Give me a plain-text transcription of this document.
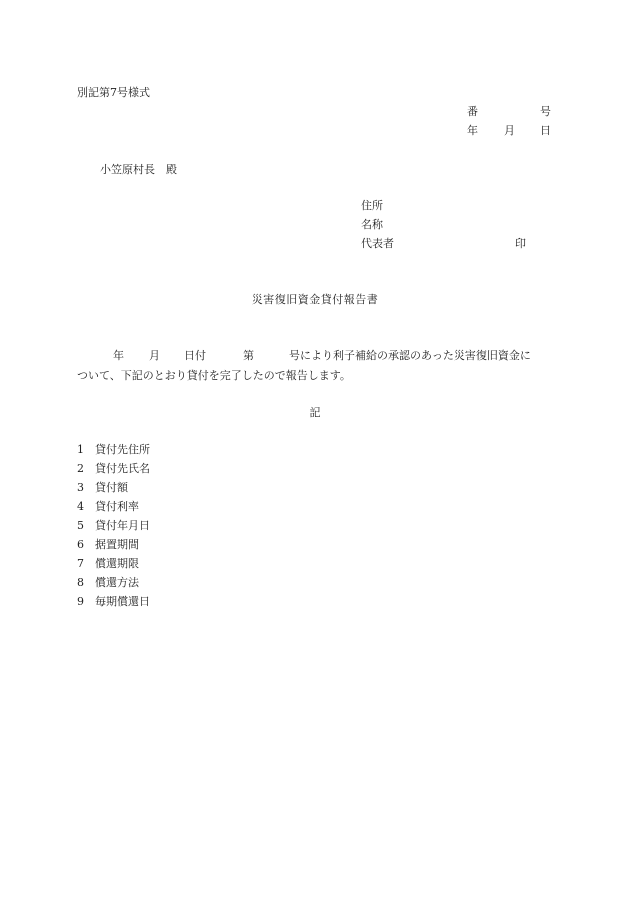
別記第7号様式
番	号
年 月 日
小笠原村長　殿
住所
名称
代表者	印
災害復旧資金貸付報告書
年 月 日付	第	号により利子補給の承認のあった災害復旧資金に
ついて、下記のとおり貸付を完了したので報告します。
記
1 貸付先住所
2 貸付先氏名
3 貸付額
4 貸付利率
5 貸付年月日
6 据置期間
7 償還期限
8 償還方法
9 毎期償還日
